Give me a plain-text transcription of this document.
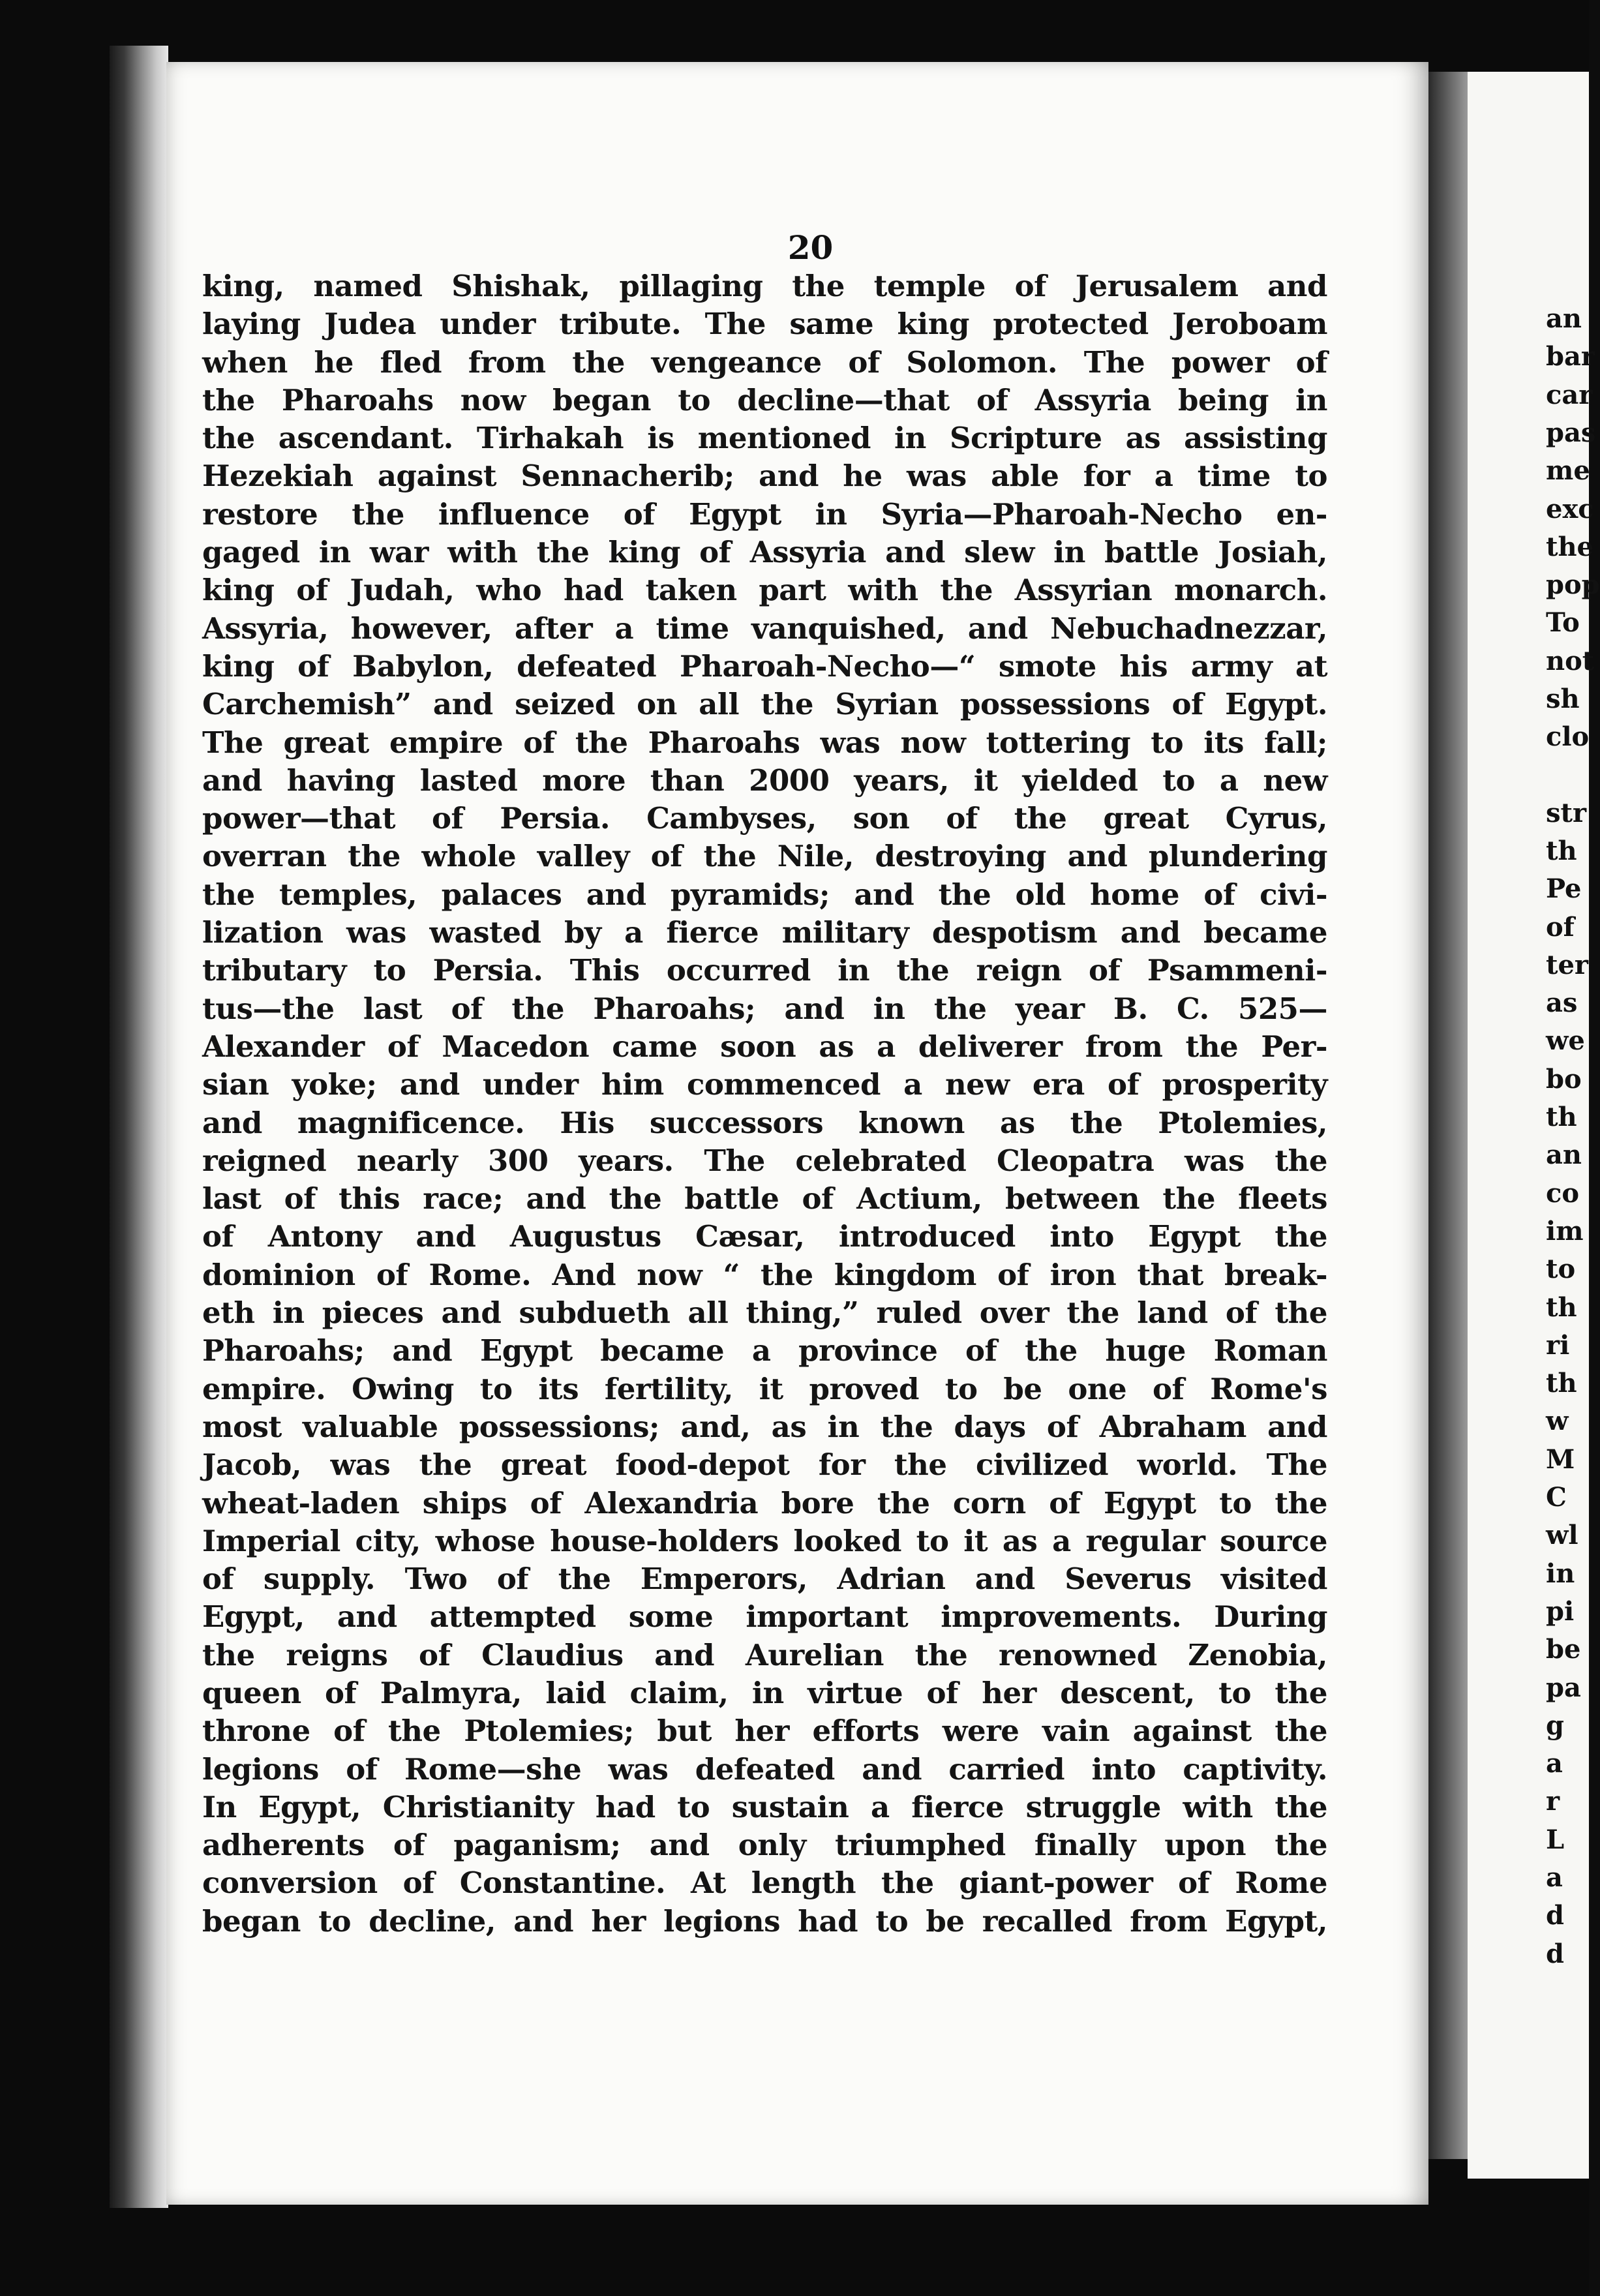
20
king, named Shishak, pillaging the temple of Jerusalem and
laying Judea under tribute. The same king protected Jeroboam
when he fled from the vengeance of Solomon. The power of
the Pharoahs now began to decline—that of Assyria being in
the ascendant. Tirhakah is mentioned in Scripture as assisting
Hezekiah against Sennacherib; and he was able for a time to
restore the influence of Egypt in Syria—Pharoah-Necho en-
gaged in war with the king of Assyria and slew in battle Josiah,
king of Judah, who had taken part with the Assyrian monarch.
Assyria, however, after a time vanquished, and Nebuchadnezzar,
king of Babylon, defeated Pharoah-Necho—“ smote his army at
Carchemish” and seized on all the Syrian possessions of Egypt.
The great empire of the Pharoahs was now tottering to its fall;
and having lasted more than 2000 years, it yielded to a new
power—that of Persia. Cambyses, son of the great Cyrus,
overran the whole valley of the Nile, destroying and plundering
the temples, palaces and pyramids; and the old home of civi-
lization was wasted by a fierce military despotism and became
tributary to Persia. This occurred in the reign of Psammeni-
tus—the last of the Pharoahs; and in the year B. C. 525—
Alexander of Macedon came soon as a deliverer from the Per-
sian yoke; and under him commenced a new era of prosperity
and magnificence. His successors known as the Ptolemies,
reigned nearly 300 years. The celebrated Cleopatra was the
last of this race; and the battle of Actium, between the fleets
of Antony and Augustus Cæsar, introduced into Egypt the
dominion of Rome. And now “ the kingdom of iron that break-
eth in pieces and subdueth all thing,” ruled over the land of the
Pharoahs; and Egypt became a province of the huge Roman
empire. Owing to its fertility, it proved to be one of Rome's
most valuable possessions; and, as in the days of Abraham and
Jacob, was the great food-depot for the civilized world. The
wheat-laden ships of Alexandria bore the corn of Egypt to the
Imperial city, whose house-holders looked to it as a regular source
of supply. Two of the Emperors, Adrian and Severus visited
Egypt, and attempted some important improvements. During
the reigns of Claudius and Aurelian the renowned Zenobia,
queen of Palmyra, laid claim, in virtue of her descent, to the
throne of the Ptolemies; but her efforts were vain against the
legions of Rome—she was defeated and carried into captivity.
In Egypt, Christianity had to sustain a fierce struggle with the
adherents of paganism; and only triumphed finally upon the
conversion of Constantine. At length the giant-power of Rome
began to decline, and her legions had to be recalled from Egypt,
an
bar
car
pas
me
exc
the
pop
To
not
sh
clo
str
th
Pe
of
ter
as
we
bo
th
an
co
im
to
th
ri
th
w
M
C
wl
in
pi
be
pa
g
a
r
L
a
d
d
